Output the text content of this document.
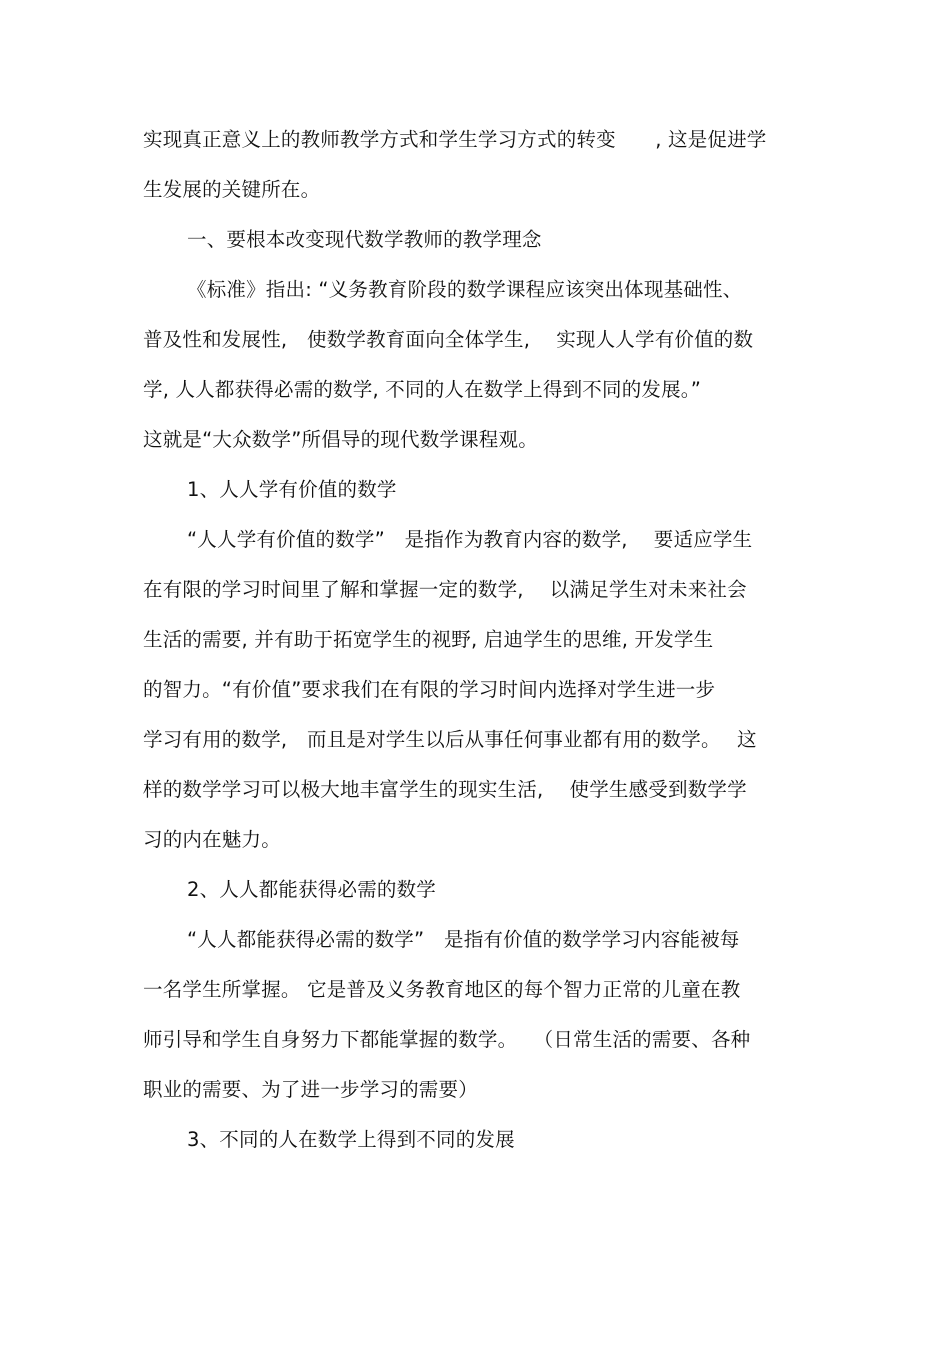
实现真正意义上的教师教学方式和学生学习方式的转变　　, 这是促进学
生发展的关键所在。
一、要根本改变现代数学教师的教学理念
《标准》指出: “义务教育阶段的数学课程应该突出体现基础性、
普及性和发展性,　使数学教育面向全体学生,　 实现人人学有价值的数
学, 人人都获得必需的数学, 不同的人在数学上得到不同的发展。”
这就是“大众数学”所倡导的现代数学课程观。
1、人人学有价值的数学
“人人学有价值的数学”　是指作为教育内容的数学,　 要适应学生
在有限的学习时间里了解和掌握一定的数学,　 以满足学生对未来社会
生活的需要, 并有助于拓宽学生的视野, 启迪学生的思维, 开发学生
的智力。“有价值”要求我们在有限的学习时间内选择对学生进一步
学习有用的数学,　而且是对学生以后从事任何事业都有用的数学。　 这
样的数学学习可以极大地丰富学生的现实生活,　 使学生感受到数学学
习的内在魅力。
2、人人都能获得必需的数学
“人人都能获得必需的数学”　是指有价值的数学学习内容能被每
一名学生所掌握。 它是普及义务教育地区的每个智力正常的儿童在教
师引导和学生自身努力下都能掌握的数学。　 （日常生活的需要、各种
职业的需要、为了进一步学习的需要）
3、不同的人在数学上得到不同的发展
